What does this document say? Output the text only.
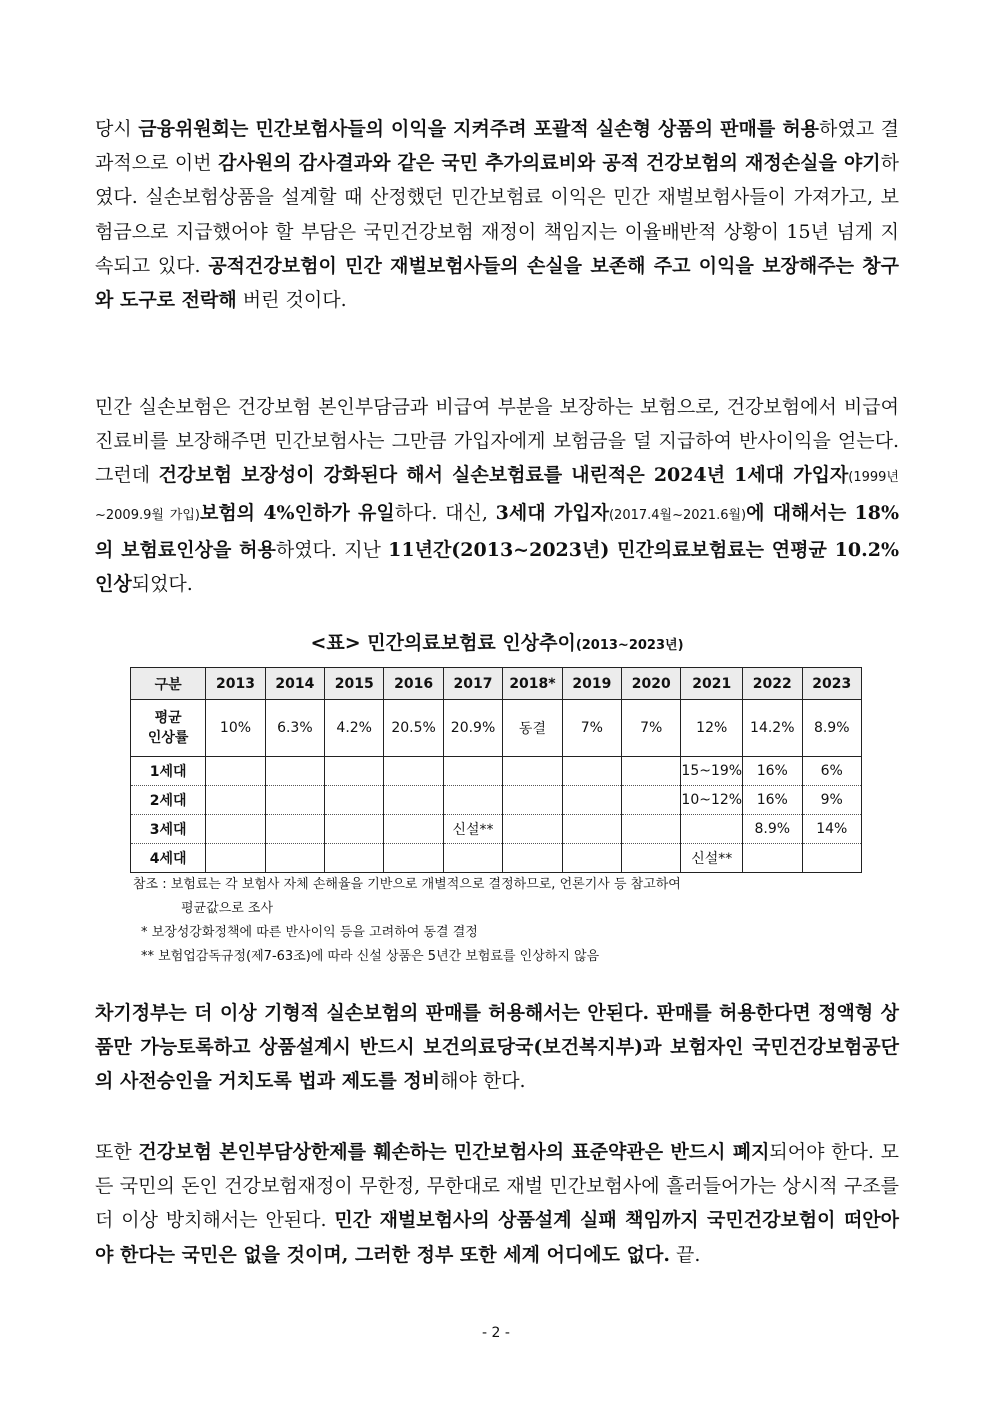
당시 금융위원회는 민간보험사들의 이익을 지켜주려 포괄적 실손형 상품의 판매를 허용하였고 결과적으로 이번 감사원의 감사결과와 같은 국민 추가의료비와 공적 건강보험의 재정손실을 야기하였다. 실손보험상품을 설계할 때 산정했던 민간보험료 이익은 민간 재벌보험사들이 가져가고, 보험금으로 지급했어야 할 부담은 국민건강보험 재정이 책임지는 이율배반적 상황이 15년 넘게 지속되고 있다. 공적건강보험이 민간 재벌보험사들의 손실을 보존해 주고 이익을 보장해주는 창구와 도구로 전락해 버린 것이다.

민간 실손보험은 건강보험 본인부담금과 비급여 부분을 보장하는 보험으로, 건강보험에서 비급여 진료비를 보장해주면 민간보험사는 그만큼 가입자에게 보험금을 덜 지급하여 반사이익을 얻는다. 그런데 건강보험 보장성이 강화된다 해서 실손보험료를 내린적은 2024년 1세대 가입자(1999년~2009.9월 가입)보험의 4%인하가 유일하다. 대신, 3세대 가입자(2017.4월~2021.6월)에 대해서는 18%의 보험료인상을 허용하였다. 지난 11년간(2013~2023년) 민간의료보험료는 연평균 10.2%인상되었다.

<표> 민간의료보험료 인상추이(2013~2023년)

구분	2013	2014	2015	2016	2017	2018*	2019	2020	2021	2022	2023
평균
인상률	10%	6.3%	4.2%	20.5%	20.9%	동결	7%	7%	12%	14.2%	8.9%
1세대									15~19%	16%	6%
2세대									10~12%	16%	9%
3세대					신설**					8.9%	14%
4세대									신설**		
참조 : 보험료는 각 보험사 자체 손해율을 기반으로 개별적으로 결정하므로, 언론기사 등 참고하여
평균값으로 조사
* 보장성강화정책에 따른 반사이익 등을 고려하여 동결 결정
** 보험업감독규정(제7-63조)에 따라 신설 상품은 5년간 보험료를 인상하지 않음

차기정부는 더 이상 기형적 실손보험의 판매를 허용해서는 안된다. 판매를 허용한다면 정액형 상품만 가능토록하고 상품설계시 반드시 보건의료당국(보건복지부)과 보험자인 국민건강보험공단의 사전승인을 거치도록 법과 제도를 정비해야 한다.

또한 건강보험 본인부담상한제를 훼손하는 민간보험사의 표준약관은 반드시 폐지되어야 한다. 모든 국민의 돈인 건강보험재정이 무한정, 무한대로 재벌 민간보험사에 흘러들어가는 상시적 구조를 더 이상 방치해서는 안된다. 민간 재벌보험사의 상품설계 실패 책임까지 국민건강보험이 떠안아야 한다는 국민은 없을 것이며, 그러한 정부 또한 세계 어디에도 없다. 끝.

- 2 -
